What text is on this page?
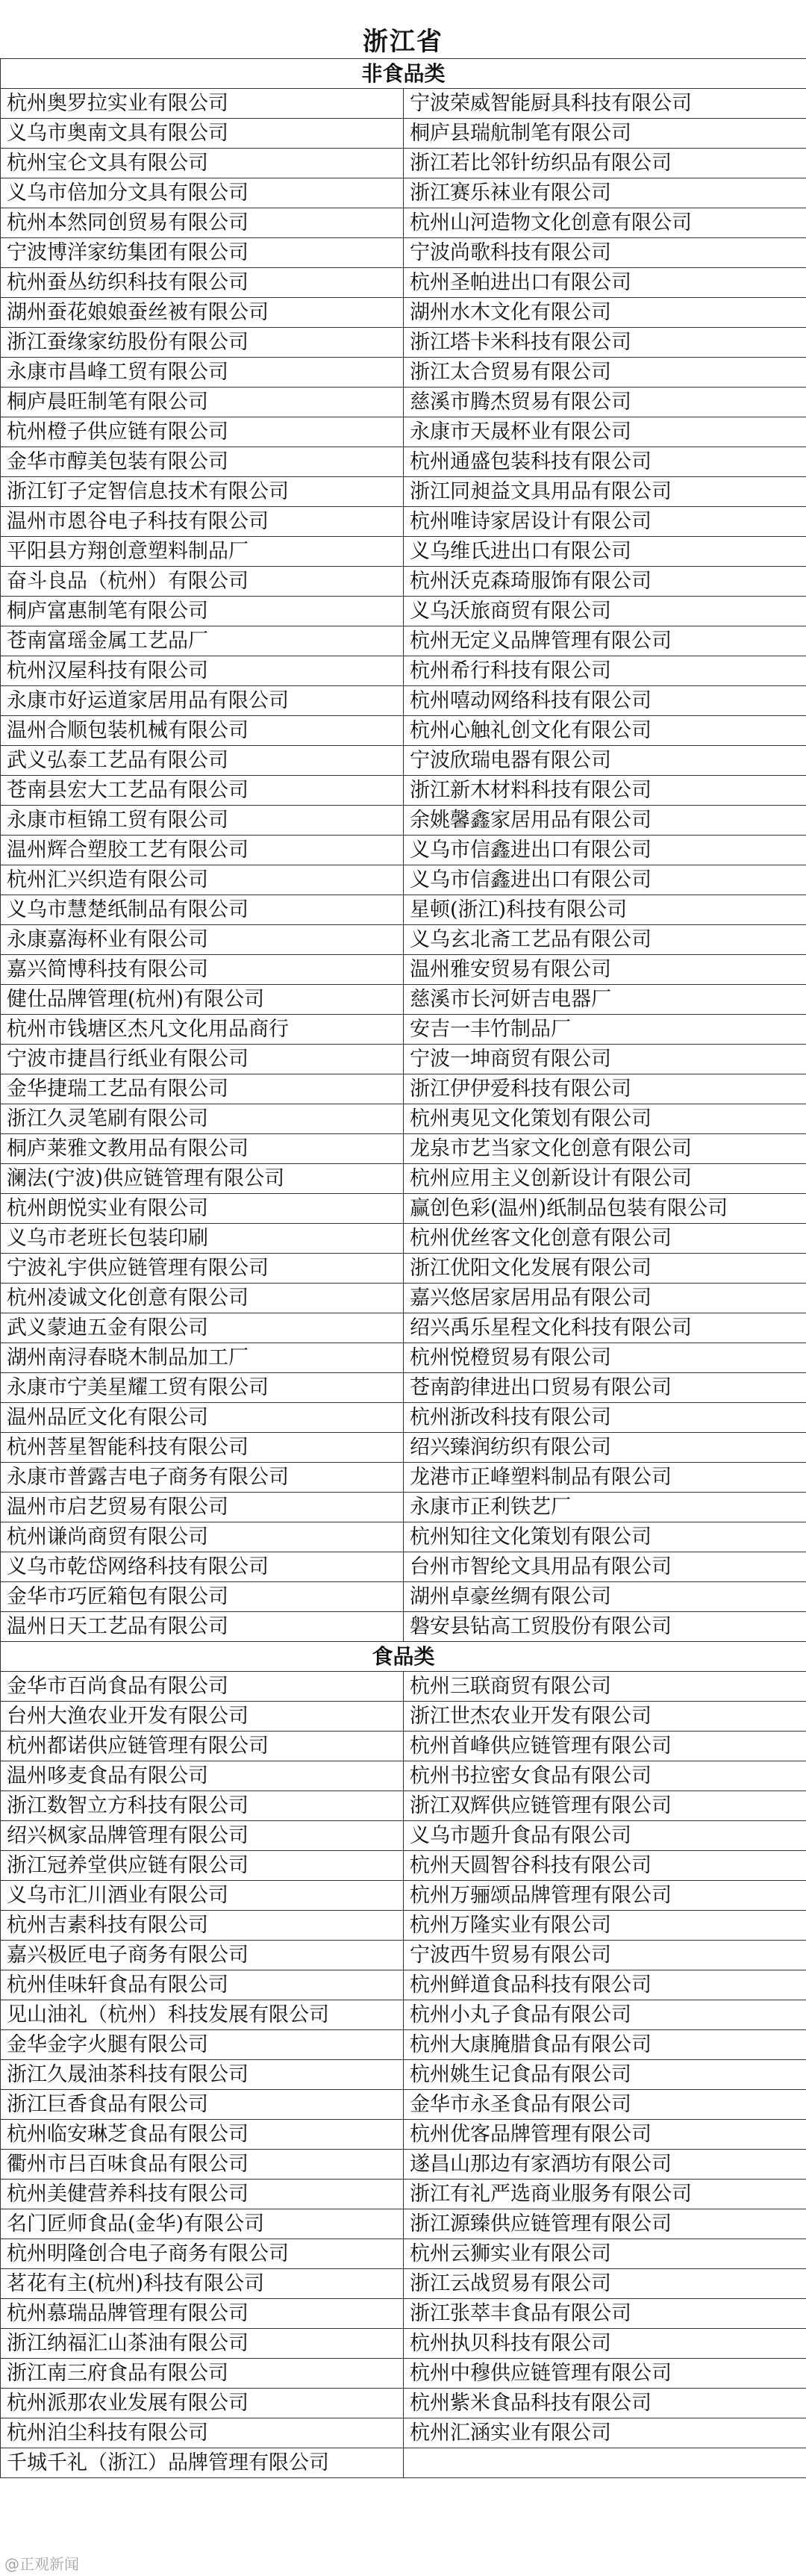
浙江省
非食品类	
杭州奥罗拉实业有限公司	宁波荣威智能厨具科技有限公司
义乌市奥南文具有限公司	桐庐县瑞航制笔有限公司
杭州宝仑文具有限公司	浙江若比邻针纺织品有限公司
义乌市倍加分文具有限公司	浙江赛乐袜业有限公司
杭州本然同创贸易有限公司	杭州山河造物文化创意有限公司
宁波博洋家纺集团有限公司	宁波尚歌科技有限公司
杭州蚕丛纺织科技有限公司	杭州圣帕进出口有限公司
湖州蚕花娘娘蚕丝被有限公司	湖州水木文化有限公司
浙江蚕缘家纺股份有限公司	浙江塔卡米科技有限公司
永康市昌峰工贸有限公司	浙江太合贸易有限公司
桐庐晨旺制笔有限公司	慈溪市腾杰贸易有限公司
杭州橙子供应链有限公司	永康市天晟杯业有限公司
金华市醇美包装有限公司	杭州通盛包装科技有限公司
浙江钉子定智信息技术有限公司	浙江同昶益文具用品有限公司
温州市恩谷电子科技有限公司	杭州唯诗家居设计有限公司
平阳县方翔创意塑料制品厂	义乌维氏进出口有限公司
奋斗良品（杭州）有限公司	杭州沃克森琦服饰有限公司
桐庐富惠制笔有限公司	义乌沃旅商贸有限公司
苍南富瑶金属工艺品厂	杭州无定义品牌管理有限公司
杭州汉屋科技有限公司	杭州希行科技有限公司
永康市好运道家居用品有限公司	杭州嘻动网络科技有限公司
温州合顺包装机械有限公司	杭州心触礼创文化有限公司
武义弘泰工艺品有限公司	宁波欣瑞电器有限公司
苍南县宏大工艺品有限公司	浙江新木材料科技有限公司
永康市桓锦工贸有限公司	余姚馨鑫家居用品有限公司
温州辉合塑胶工艺有限公司	义乌市信鑫进出口有限公司
杭州汇兴织造有限公司	义乌市信鑫进出口有限公司
义乌市慧楚纸制品有限公司	星顿(浙江)科技有限公司
永康嘉海杯业有限公司	义乌玄北斋工艺品有限公司
嘉兴简博科技有限公司	温州雅安贸易有限公司
健仕品牌管理(杭州)有限公司	慈溪市长河妍吉电器厂
杭州市钱塘区杰凡文化用品商行	安吉一丰竹制品厂
宁波市捷昌行纸业有限公司	宁波一坤商贸有限公司
金华捷瑞工艺品有限公司	浙江伊伊爱科技有限公司
浙江久灵笔刷有限公司	杭州夷见文化策划有限公司
桐庐莱雅文教用品有限公司	龙泉市艺当家文化创意有限公司
澜法(宁波)供应链管理有限公司	杭州应用主义创新设计有限公司
杭州朗悦实业有限公司	赢创色彩(温州)纸制品包装有限公司
义乌市老班长包装印刷	杭州优丝客文化创意有限公司
宁波礼宇供应链管理有限公司	浙江优阳文化发展有限公司
杭州凌诚文化创意有限公司	嘉兴悠居家居用品有限公司
武义蒙迪五金有限公司	绍兴禹乐星程文化科技有限公司
湖州南浔春晓木制品加工厂	杭州悦橙贸易有限公司
永康市宁美星耀工贸有限公司	苍南韵律进出口贸易有限公司
温州品匠文化有限公司	杭州浙改科技有限公司
杭州菩星智能科技有限公司	绍兴臻润纺织有限公司
永康市普露吉电子商务有限公司	龙港市正峰塑料制品有限公司
温州市启艺贸易有限公司	永康市正利铁艺厂
杭州谦尚商贸有限公司	杭州知往文化策划有限公司
义乌市乾岱网络科技有限公司	台州市智纶文具用品有限公司
金华市巧匠箱包有限公司	湖州卓豪丝绸有限公司
温州日天工艺品有限公司	磐安县钻高工贸股份有限公司
食品类	
金华市百尚食品有限公司	杭州三联商贸有限公司
台州大渔农业开发有限公司	浙江世杰农业开发有限公司
杭州都诺供应链管理有限公司	杭州首峰供应链管理有限公司
温州哆麦食品有限公司	杭州书拉密女食品有限公司
浙江数智立方科技有限公司	浙江双辉供应链管理有限公司
绍兴枫家品牌管理有限公司	义乌市题升食品有限公司
浙江冠养堂供应链有限公司	杭州天圆智谷科技有限公司
义乌市汇川酒业有限公司	杭州万骊颂品牌管理有限公司
杭州吉素科技有限公司	杭州万隆实业有限公司
嘉兴极匠电子商务有限公司	宁波西牛贸易有限公司
杭州佳味轩食品有限公司	杭州鲜道食品科技有限公司
见山油礼（杭州）科技发展有限公司	杭州小丸子食品有限公司
金华金字火腿有限公司	杭州大康腌腊食品有限公司
浙江久晟油茶科技有限公司	杭州姚生记食品有限公司
浙江巨香食品有限公司	金华市永圣食品有限公司
杭州临安琳芝食品有限公司	杭州优客品牌管理有限公司
衢州市吕百味食品有限公司	遂昌山那边有家酒坊有限公司
杭州美健营养科技有限公司	浙江有礼严选商业服务有限公司
名门匠师食品(金华)有限公司	浙江源臻供应链管理有限公司
杭州明隆创合电子商务有限公司	杭州云狮实业有限公司
茗花有主(杭州)科技有限公司	浙江云战贸易有限公司
杭州慕瑞品牌管理有限公司	浙江张萃丰食品有限公司
浙江纳福汇山茶油有限公司	杭州执贝科技有限公司
浙江南三府食品有限公司	杭州中穆供应链管理有限公司
杭州派那农业发展有限公司	杭州紫米食品科技有限公司
杭州泊尘科技有限公司	杭州汇涵实业有限公司
千城千礼（浙江）品牌管理有限公司	
@正观新闻
